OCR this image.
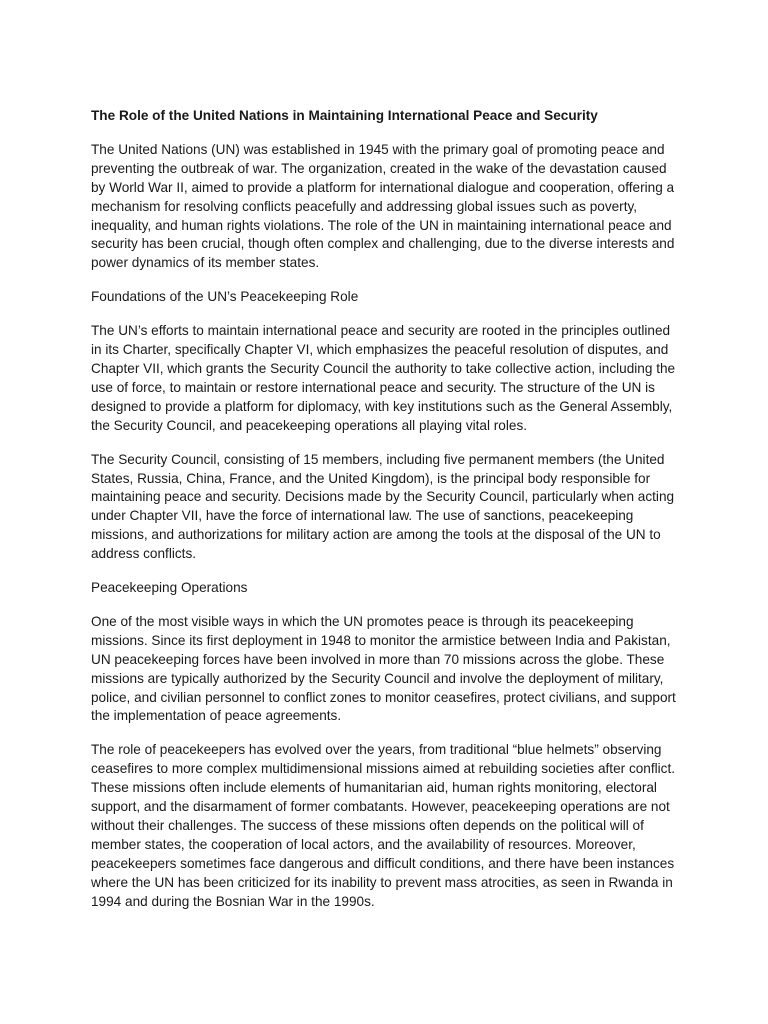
The Role of the United Nations in Maintaining International Peace and Security

The United Nations (UN) was established in 1945 with the primary goal of promoting peace and preventing the outbreak of war. The organization, created in the wake of the devastation caused by World War II, aimed to provide a platform for international dialogue and cooperation, offering a mechanism for resolving conflicts peacefully and addressing global issues such as poverty, inequality, and human rights violations. The role of the UN in maintaining international peace and security has been crucial, though often complex and challenging, due to the diverse interests and power dynamics of its member states.

Foundations of the UN’s Peacekeeping Role

The UN’s efforts to maintain international peace and security are rooted in the principles outlined in its Charter, specifically Chapter VI, which emphasizes the peaceful resolution of disputes, and Chapter VII, which grants the Security Council the authority to take collective action, including the use of force, to maintain or restore international peace and security. The structure of the UN is designed to provide a platform for diplomacy, with key institutions such as the General Assembly, the Security Council, and peacekeeping operations all playing vital roles.

The Security Council, consisting of 15 members, including five permanent members (the United States, Russia, China, France, and the United Kingdom), is the principal body responsible for maintaining peace and security. Decisions made by the Security Council, particularly when acting under Chapter VII, have the force of international law. The use of sanctions, peacekeeping missions, and authorizations for military action are among the tools at the disposal of the UN to address conflicts.

Peacekeeping Operations

One of the most visible ways in which the UN promotes peace is through its peacekeeping missions. Since its first deployment in 1948 to monitor the armistice between India and Pakistan, UN peacekeeping forces have been involved in more than 70 missions across the globe. These missions are typically authorized by the Security Council and involve the deployment of military, police, and civilian personnel to conflict zones to monitor ceasefires, protect civilians, and support the implementation of peace agreements.

The role of peacekeepers has evolved over the years, from traditional “blue helmets” observing ceasefires to more complex multidimensional missions aimed at rebuilding societies after conflict. These missions often include elements of humanitarian aid, human rights monitoring, electoral support, and the disarmament of former combatants. However, peacekeeping operations are not without their challenges. The success of these missions often depends on the political will of member states, the cooperation of local actors, and the availability of resources. Moreover, peacekeepers sometimes face dangerous and difficult conditions, and there have been instances where the UN has been criticized for its inability to prevent mass atrocities, as seen in Rwanda in 1994 and during the Bosnian War in the 1990s.
